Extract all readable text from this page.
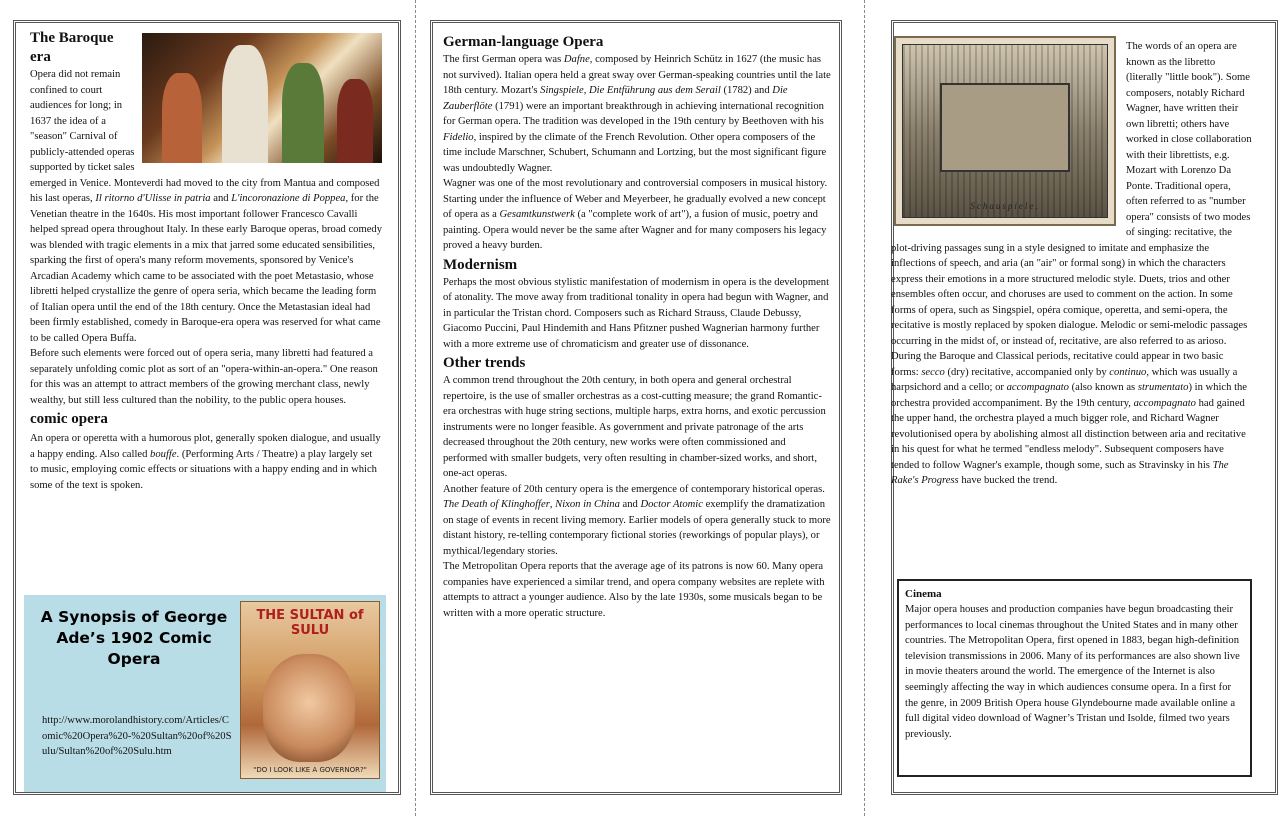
The Baroque era

Opera did not remain confined to court audiences for long; in 1637 the idea of a "season" Carnival of publicly-attended operas supported by ticket sales emerged in Venice. Monteverdi had moved to the city from Mantua and composed his last operas, Il ritorno d'Ulisse in patria and L'incoronazione di Poppea, for the Venetian theatre in the 1640s. His most important follower Francesco Cavalli helped spread opera throughout Italy. In these early Baroque operas, broad comedy was blended with tragic elements in a mix that jarred some educated sensibilities, sparking the first of opera's many reform movements, sponsored by Venice's Arcadian Academy which came to be associated with the poet Metastasio, whose libretti helped crystallize the genre of opera seria, which became the leading form of Italian opera until the end of the 18th century. Once the Metastasian ideal had been firmly established, comedy in Baroque-era opera was reserved for what came to be called Opera Buffa.

Before such elements were forced out of opera seria, many libretti had featured a separately unfolding comic plot as sort of an "opera-within-an-opera." One reason for this was an attempt to attract members of the growing merchant class, newly wealthy, but still less cultured than the nobility, to the public opera houses.

comic opera

An opera or operetta with a humorous plot, generally spoken dialogue, and usually a happy ending. Also called bouffe. (Performing Arts / Theatre) a play largely set to music, employing comic effects or situations with a happy ending and in which some of the text is spoken.

A Synopsis of George Ade’s 1902 Comic Opera
http://www.morolandhistory.com/Articles/Comic%20Opera%20-%20Sultan%20of%20Sulu/Sultan%20of%20Sulu.htm
THE SULTAN of SULU
"DO I LOOK LIKE A GOVERNOR?"
German-language Opera

The first German opera was Dafne, composed by Heinrich Schütz in 1627 (the music has not survived). Italian opera held a great sway over German-speaking countries until the late 18th century. Mozart's Singspiele, Die Entführung aus dem Serail (1782) and Die Zauberflöte (1791) were an important breakthrough in achieving international recognition for German opera. The tradition was developed in the 19th century by Beethoven with his Fidelio, inspired by the climate of the French Revolution. Other opera composers of the time include Marschner, Schubert, Schumann and Lortzing, but the most significant figure was undoubtedly Wagner.

Wagner was one of the most revolutionary and controversial composers in musical history. Starting under the influence of Weber and Meyerbeer, he gradually evolved a new concept of opera as a Gesamtkunstwerk (a "complete work of art"), a fusion of music, poetry and painting. Opera would never be the same after Wagner and for many composers his legacy proved a heavy burden.

Modernism

Perhaps the most obvious stylistic manifestation of modernism in opera is the development of atonality. The move away from traditional tonality in opera had begun with Wagner, and in particular the Tristan chord. Composers such as Richard Strauss, Claude Debussy, Giacomo Puccini, Paul Hindemith and Hans Pfitzner pushed Wagnerian harmony further with a more extreme use of chromaticism and greater use of dissonance.

Other trends

A common trend throughout the 20th century, in both opera and general orchestral repertoire, is the use of smaller orchestras as a cost-cutting measure; the grand Romantic-era orchestras with huge string sections, multiple harps, extra horns, and exotic percussion instruments were no longer feasible. As government and private patronage of the arts decreased throughout the 20th century, new works were often commissioned and performed with smaller budgets, very often resulting in chamber-sized works, and short, one-act operas.

Another feature of 20th century opera is the emergence of contemporary historical operas. The Death of Klinghoffer, Nixon in China and Doctor Atomic exemplify the dramatization on stage of events in recent living memory. Earlier models of opera generally stuck to more distant history, re-telling contemporary fictional stories (reworkings of popular plays), or mythical/legendary stories.

The Metropolitan Opera reports that the average age of its patrons is now 60. Many opera companies have experienced a similar trend, and opera company websites are replete with attempts to attract a younger audience. Also by the late 1930s, some musicals began to be written with a more operatic structure.

Schauspiele.

The words of an opera are known as the libretto (literally "little book"). Some composers, notably Richard Wagner, have written their own libretti; others have worked in close collaboration with their librettists, e.g. Mozart with Lorenzo Da Ponte. Traditional opera, often referred to as "number opera" consists of two modes of singing: recitative, the plot-driving passages sung in a style designed to imitate and emphasize the inflections of speech, and aria (an "air" or formal song) in which the characters express their emotions in a more structured melodic style. Duets, trios and other ensembles often occur, and choruses are used to comment on the action. In some forms of opera, such as Singspiel, opéra comique, operetta, and semi-opera, the recitative is mostly replaced by spoken dialogue. Melodic or semi-melodic passages occurring in the midst of, or instead of, recitative, are also referred to as arioso. During the Baroque and Classical periods, recitative could appear in two basic forms: secco (dry) recitative, accompanied only by continuo, which was usually a harpsichord and a cello; or accompagnato (also known as strumentato) in which the orchestra provided accompaniment. By the 19th century, accompagnato had gained the upper hand, the orchestra played a much bigger role, and Richard Wagner revolutionised opera by abolishing almost all distinction between aria and recitative in his quest for what he termed "endless melody". Subsequent composers have tended to follow Wagner's example, though some, such as Stravinsky in his The Rake's Progress have bucked the trend.

Cinema

Major opera houses and production companies have begun broadcasting their performances to local cinemas throughout the United States and in many other countries. The Metropolitan Opera, first opened in 1883, began high-definition television transmissions in 2006. Many of its performances are also shown live in movie theaters around the world. The emergence of the Internet is also seemingly affecting the way in which audiences consume opera. In a first for the genre, in 2009 British Opera house Glyndebourne made available online a full digital video download of Wagner’s Tristan und Isolde, filmed two years previously.
